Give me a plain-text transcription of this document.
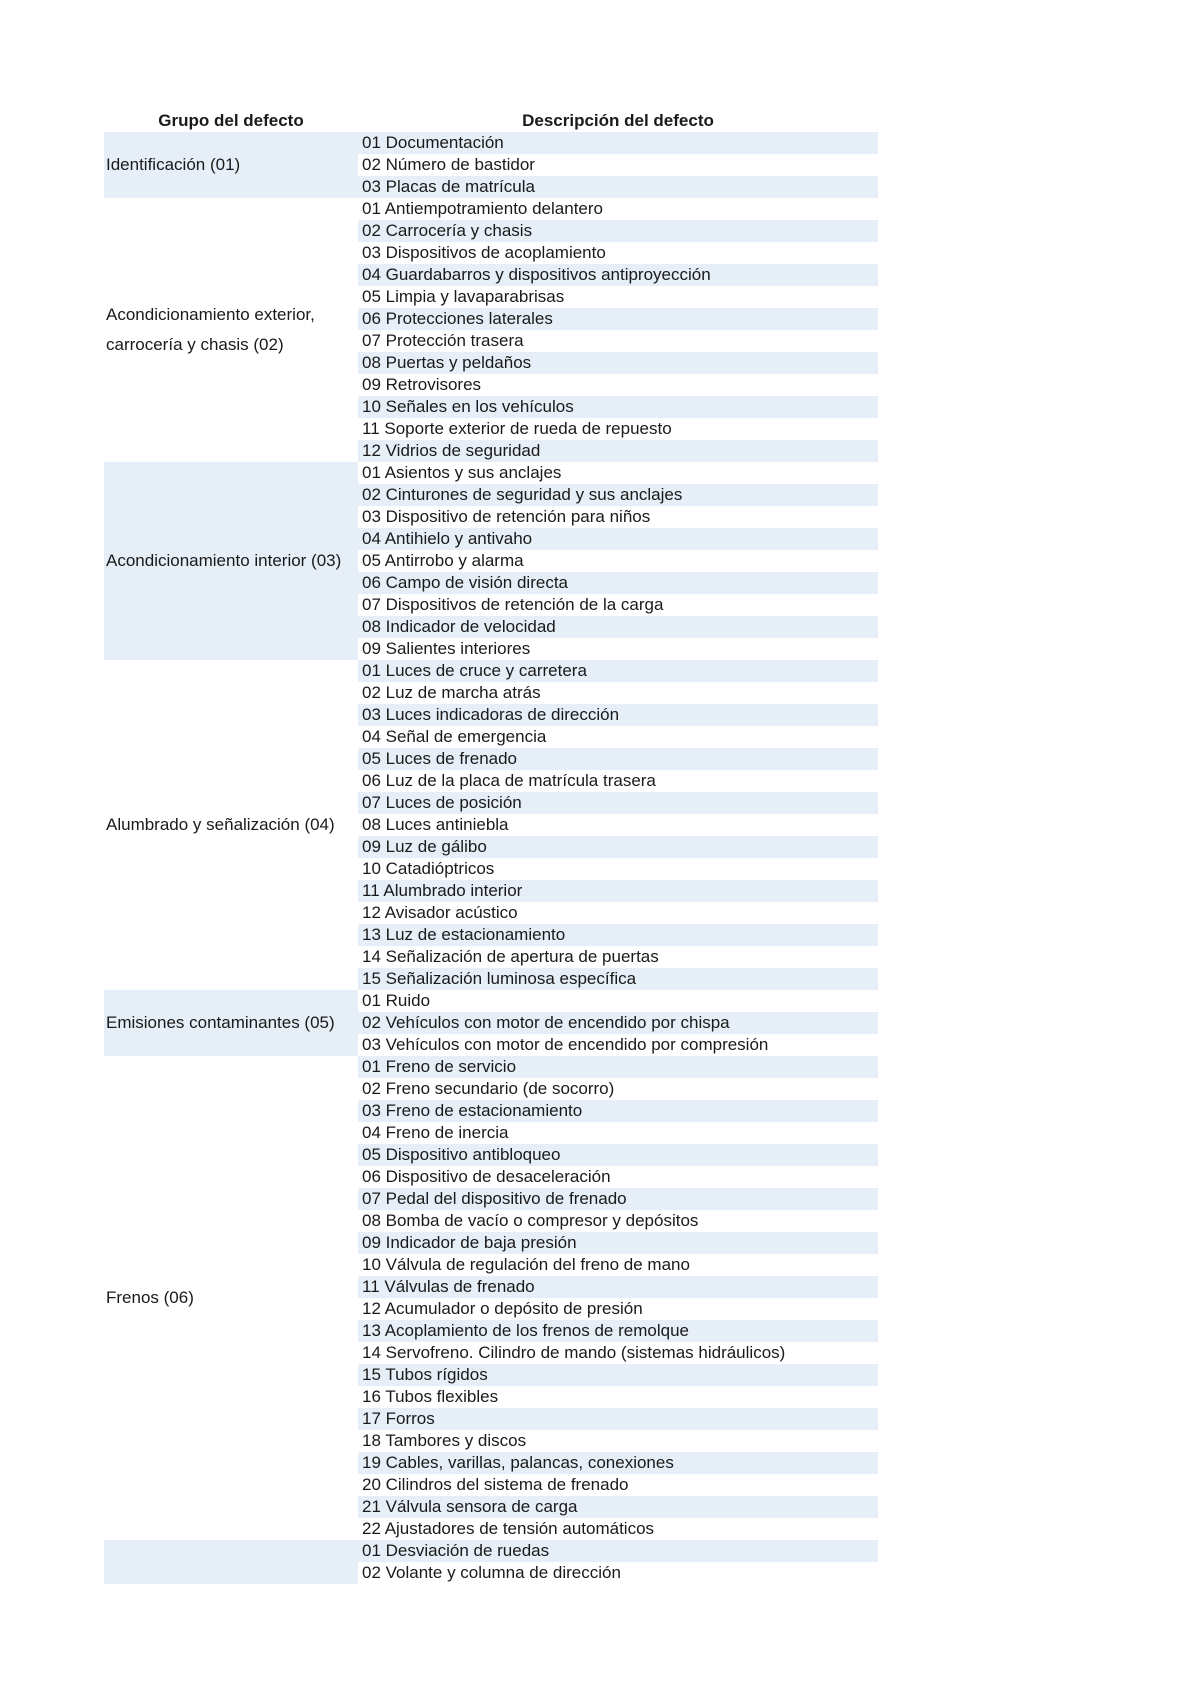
Grupo del defecto	Descripción del defecto
Identificación (01)
01 Documentación
02 Número de bastidor
03 Placas de matrícula
Acondicionamiento exterior, carrocería y chasis (02)
01 Antiempotramiento delantero
02 Carrocería y chasis
03 Dispositivos de acoplamiento
04 Guardabarros y dispositivos antiproyección
05 Limpia y lavaparabrisas
06 Protecciones laterales
07 Protección trasera
08 Puertas y peldaños
09 Retrovisores
10 Señales en los vehículos
11 Soporte exterior de rueda de repuesto
12 Vidrios de seguridad
Acondicionamiento interior (03)
01 Asientos y sus anclajes
02 Cinturones de seguridad y sus anclajes
03 Dispositivo de retención para niños
04 Antihielo y antivaho
05 Antirrobo y alarma
06 Campo de visión directa
07 Dispositivos de retención de la carga
08 Indicador de velocidad
09 Salientes interiores
Alumbrado y señalización (04)
01 Luces de cruce y carretera
02 Luz de marcha atrás
03 Luces indicadoras de dirección
04 Señal de emergencia
05 Luces de frenado
06 Luz de la placa de matrícula trasera
07 Luces de posición
08 Luces antiniebla
09 Luz de gálibo
10 Catadióptricos
11 Alumbrado interior
12 Avisador acústico
13 Luz de estacionamiento
14 Señalización de apertura de puertas
15 Señalización luminosa específica
Emisiones contaminantes (05)
01 Ruido
02 Vehículos con motor de encendido por chispa
03 Vehículos con motor de encendido por compresión
Frenos (06)
01 Freno de servicio
02 Freno secundario (de socorro)
03 Freno de estacionamiento
04 Freno de inercia
05 Dispositivo antibloqueo
06 Dispositivo de desaceleración
07 Pedal del dispositivo de frenado
08 Bomba de vacío o compresor y depósitos
09 Indicador de baja presión
10 Válvula de regulación del freno de mano
11 Válvulas de frenado
12 Acumulador o depósito de presión
13 Acoplamiento de los frenos de remolque
14 Servofreno. Cilindro de mando (sistemas hidráulicos)
15 Tubos rígidos
16 Tubos flexibles
17 Forros
18 Tambores y discos
19 Cables, varillas, palancas, conexiones
20 Cilindros del sistema de frenado
21 Válvula sensora de carga
22 Ajustadores de tensión automáticos
01 Desviación de ruedas
02 Volante y columna de dirección
